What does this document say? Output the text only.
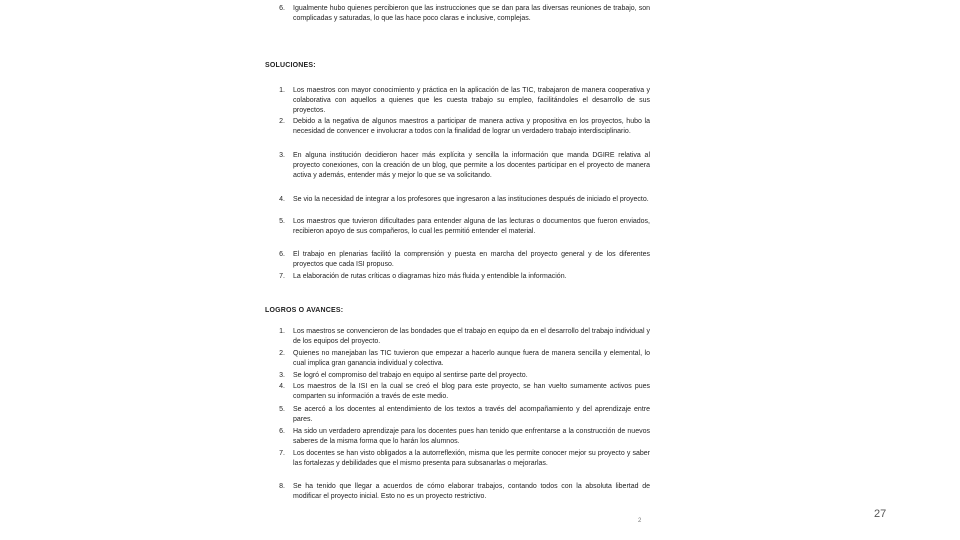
6.	Igualmente hubo quienes percibieron que las instrucciones que se dan para las diversas reuniones de trabajo, son complicadas y saturadas, lo que las hace poco claras e inclusive, complejas.
SOLUCIONES:
1.	Los maestros con mayor conocimiento y práctica en la aplicación de las TIC, trabajaron de manera cooperativa y colaborativa con aquellos a quienes que les cuesta trabajo su empleo, facilitándoles el desarrollo de sus proyectos.
2.	Debido a la negativa de algunos maestros a participar de manera activa y propositiva en los proyectos, hubo la necesidad de convencer e involucrar a todos con la finalidad de lograr un verdadero trabajo interdisciplinario.
3.	En alguna institución decidieron hacer más explícita y sencilla la información que manda DGIRE relativa al proyecto conexiones, con la creación de un blog, que permite a los docentes participar en el proyecto de manera activa y además, entender más y mejor lo que se va solicitando.
4.	Se vio la necesidad de integrar a los profesores que ingresaron a las instituciones después de iniciado el proyecto.
5.	Los maestros que tuvieron dificultades para entender alguna de las lecturas o documentos que fueron enviados, recibieron apoyo de sus compañeros, lo cual les permitió entender el material.
6.	El trabajo en plenarias facilitó la comprensión y puesta en marcha del proyecto general y de los diferentes proyectos que cada ISI propuso.
7.	La elaboración de rutas críticas o diagramas hizo más fluida y entendible la información.
LOGROS O AVANCES:
1.	Los maestros se convencieron de las bondades que el trabajo en equipo da en el desarrollo del trabajo individual y de los equipos del proyecto.
2.	Quienes no manejaban las TIC tuvieron que empezar a hacerlo aunque fuera de manera sencilla y elemental, lo cual implica gran ganancia individual y colectiva.
3.	Se logró el compromiso del trabajo en equipo al sentirse parte del proyecto.
4.	Los maestros de la ISI en la cual se creó el blog para este proyecto, se han vuelto sumamente activos pues comparten su información a través de este medio.
5.	Se acercó a los docentes al entendimiento de los textos a través del acompañamiento y del aprendizaje entre pares.
6.	Ha sido un verdadero aprendizaje para los docentes pues han tenido que enfrentarse a la construcción de nuevos saberes de la misma forma que lo harán los alumnos.
7.	Los docentes se han visto obligados a la autorreflexión, misma que les permite conocer mejor su proyecto y saber las fortalezas y debilidades que el mismo presenta para subsanarlas o mejorarlas.
8.	Se ha tenido que llegar a acuerdos de cómo elaborar trabajos, contando todos con la absoluta libertad de modificar el proyecto inicial. Esto no es un proyecto restrictivo.
2
27
